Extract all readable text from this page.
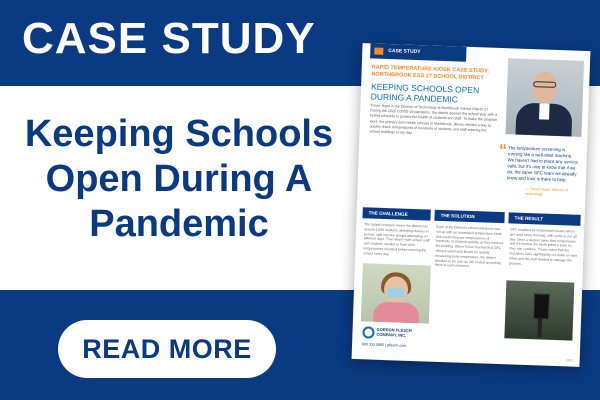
CASE STUDY
Keeping Schools Open During A Pandemic
READ MORE
CASE STUDY
RAPID TEMPERATURE KIOSK CASE STUDY: NORTHBROOK ESD 27 SCHOOL DISTRICT
KEEPING SCHOOLS OPEN DURING A PANDEMIC
Trevor Hope is the Director of Technology at Northbrook School District 27. During the 2020 COVID-19 pandemic, the district opened the school year with a hybrid schedule to protect the health of students and staff. To make the program work, the primary and middle schools in Northbrook, Illinois needed a way to quickly check temperatures of hundreds of students and staff entering the school buildings every day.
“ The temperature screening is running like a well-oiled machine. We haven't had to place any service calls, but it's nice to know that if we do, the same GFC team we already know and trust is there to help.
— Trevor Hope, director of technology
THE CHALLENGE
The hybrid schedule meant the district has around 1,600 students attending classes in person, split into two groups alternating on different days. That meant each school staff and students needed to have their temperatures checked before entering the school every day.
THE SOLUTION
Each of the District's school entrances was set up with an automated temperature kiosk that could measure temperatures of hundreds of students quickly as they entered the building. When Trevor learned that GFC offered automated kiosks for quickly measuring body temperature, the district decided to set one up. We ended up putting them at each entrance.
THE RESULT
GFC installed 16 temperature kiosks which get used every morning, with some to run all day. Once a student takes their temperature and it's normal, the kiosk prints a pass so they can continue. Trevor notes that the machines have significantly cut down on wait times and the staff needed to manage the process.
GORDON FLESCH COMPANY, INC.
800.333.5905 | gflesch.com
GFC
